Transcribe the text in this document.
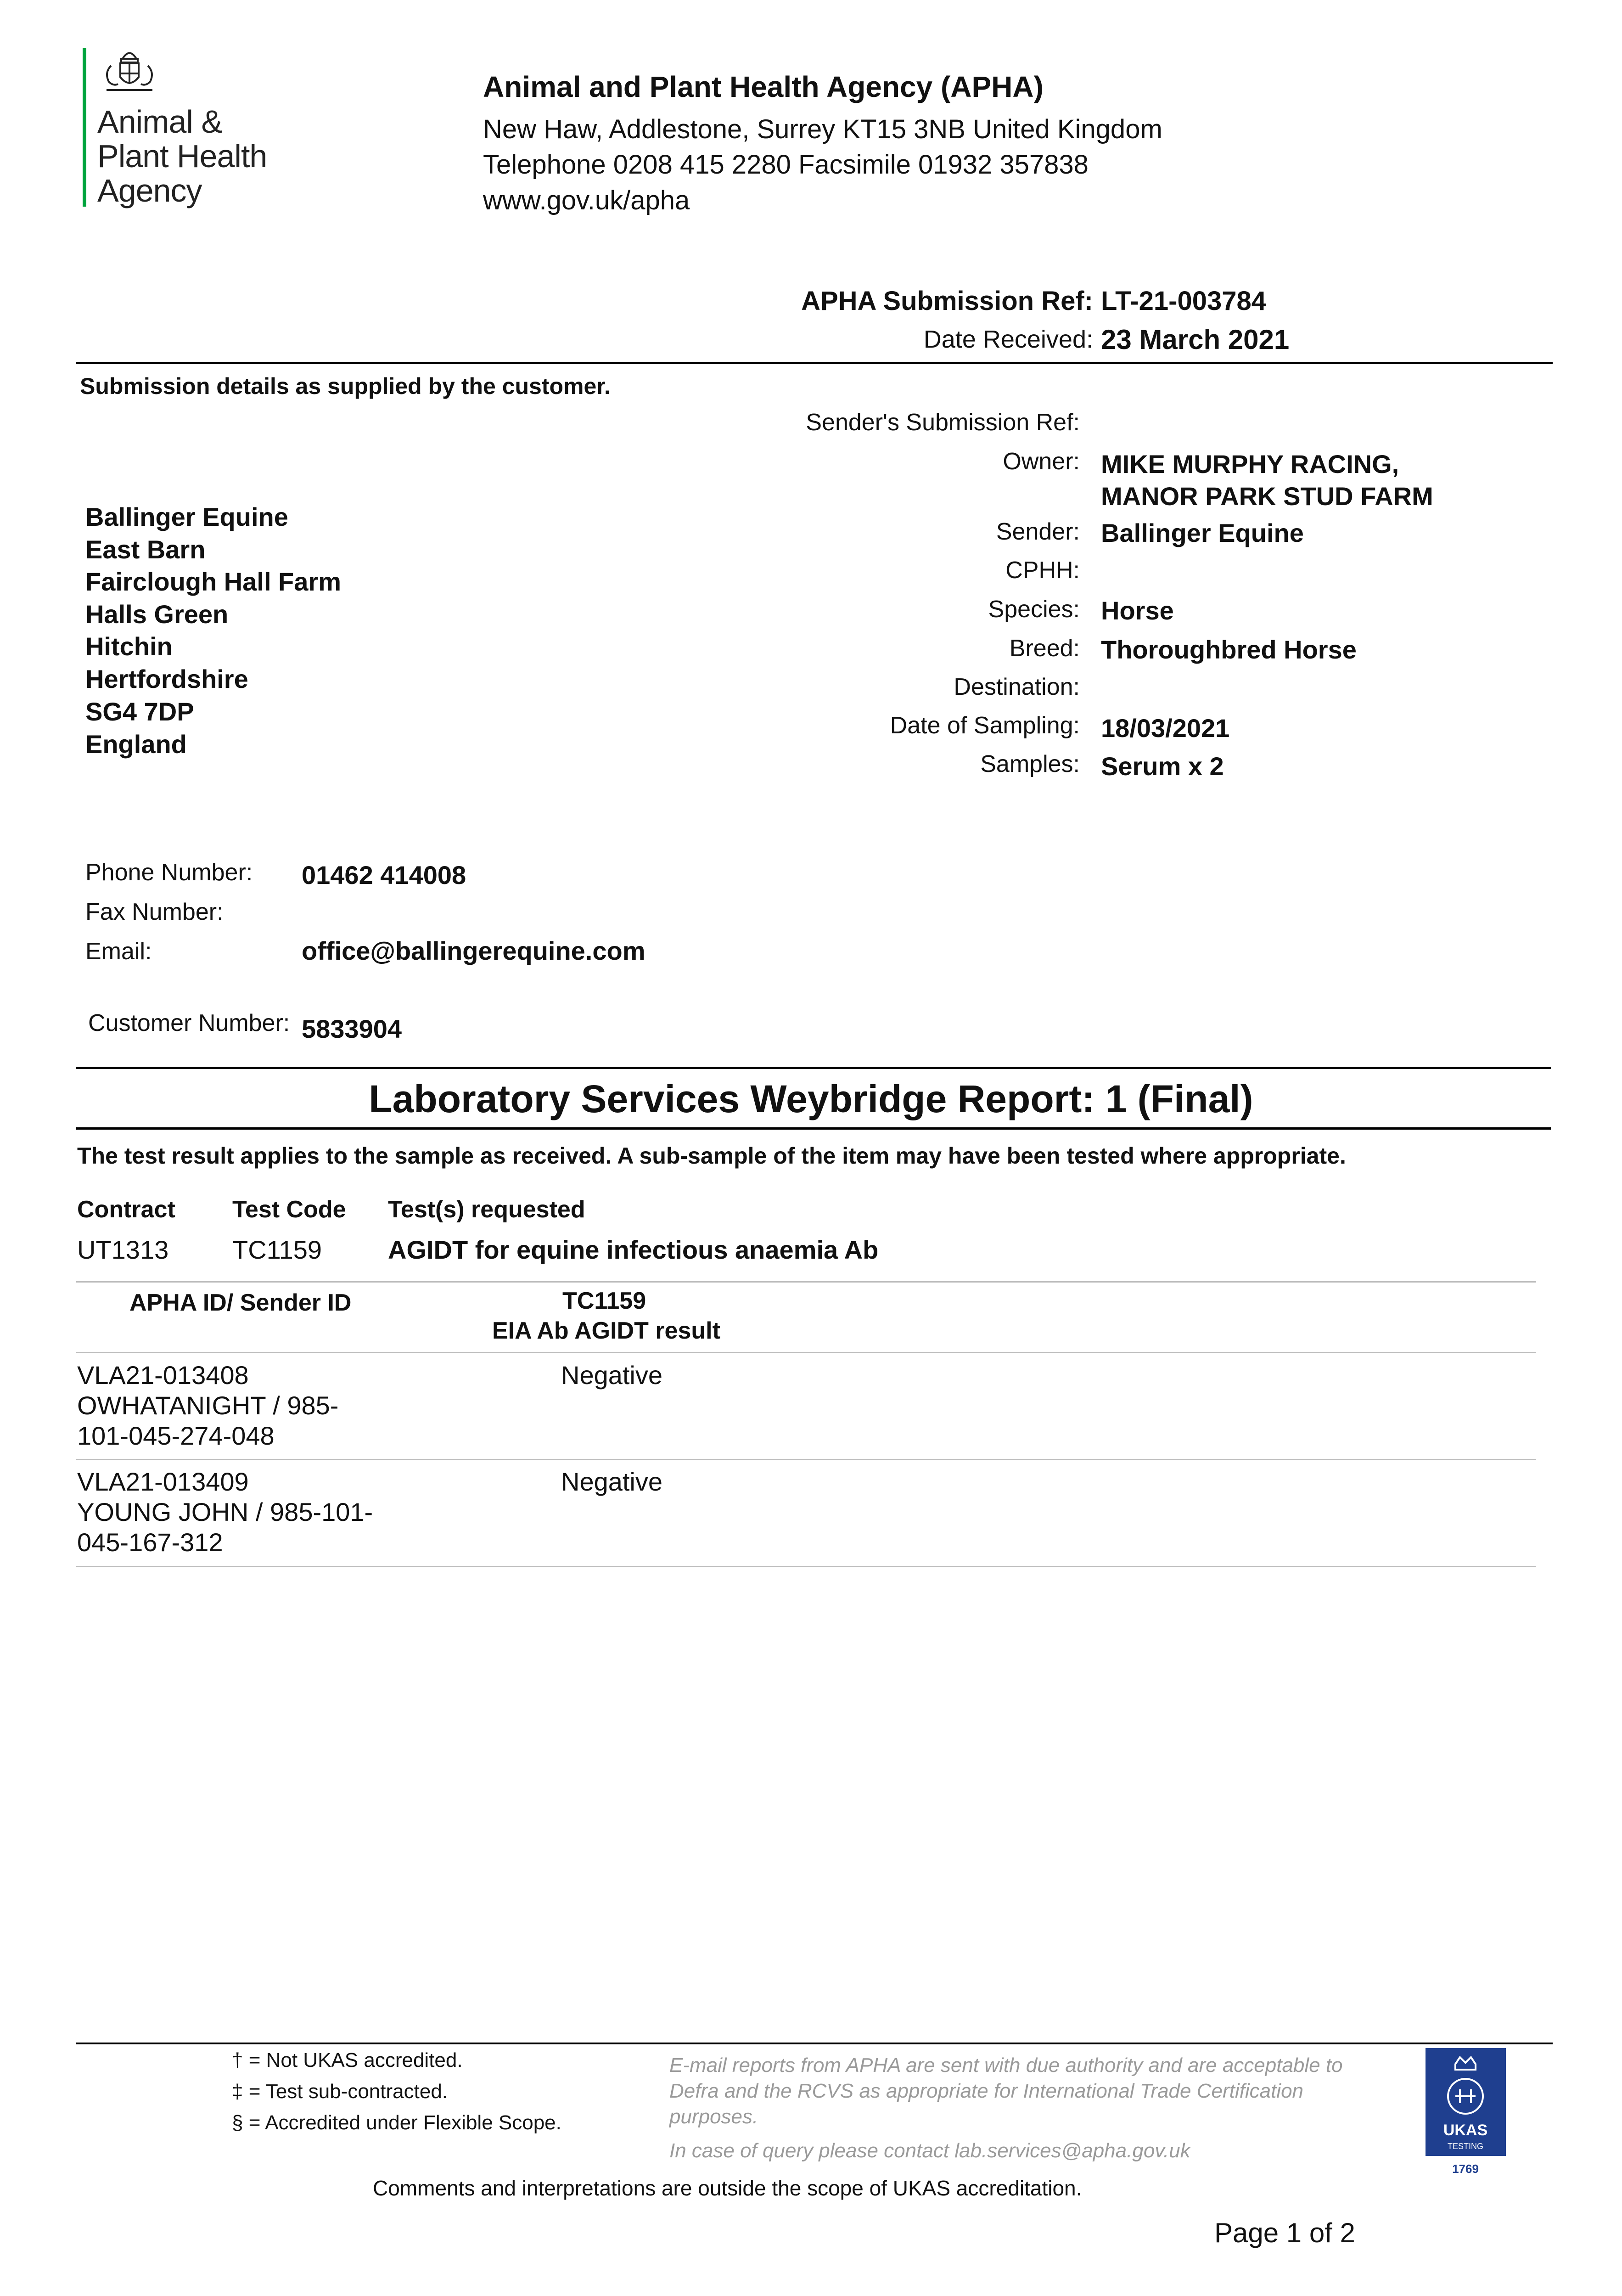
Animal &
Plant Health
Agency
Animal and Plant Health Agency (APHA)
New Haw, Addlestone, Surrey KT15 3NB United Kingdom
Telephone 0208 415 2280 Facsimile 01932 357838
www.gov.uk/apha
APHA Submission Ref: LT-21-003784
Date Received: 23 March 2021
Submission details as supplied by the customer.
Ballinger Equine
East Barn
Fairclough Hall Farm
Halls Green
Hitchin
Hertfordshire
SG4 7DP
England
Sender's Submission Ref:
Owner: MIKE MURPHY RACING,
MANOR PARK STUD FARM
Sender: Ballinger Equine
CPHH:
Species: Horse
Breed: Thoroughbred Horse
Destination:
Date of Sampling: 18/03/2021
Samples: Serum x 2
Phone Number: 01462 414008
Fax Number:
Email:	office@ballingerequine.com
Customer Number: 5833904
Laboratory Services Weybridge Report: 1 (Final)
The test result applies to the sample as received. A sub-sample of the item may have been tested where appropriate.
Contract Test Code Test(s) requested
UT1313 TC1159	AGIDT for equine infectious anaemia Ab
APHA ID/ Sender ID	TC1159
EIA Ab AGIDT result
VLA21-013408
OWHATANIGHT / 985-
101-045-274-048
Negative
VLA21-013409
YOUNG JOHN / 985-101-
045-167-312
Negative
† = Not UKAS accredited.
‡ = Test sub-contracted.
§ = Accredited under Flexible Scope.
E-mail reports from APHA are sent with due authority and are acceptable to Defra and the RCVS as appropriate for International Trade Certification purposes.
In case of query please contact lab.services@apha.gov.uk
Comments and interpretations are outside the scope of UKAS accreditation.
UKAS
TESTING
1769
Page 1 of 2
